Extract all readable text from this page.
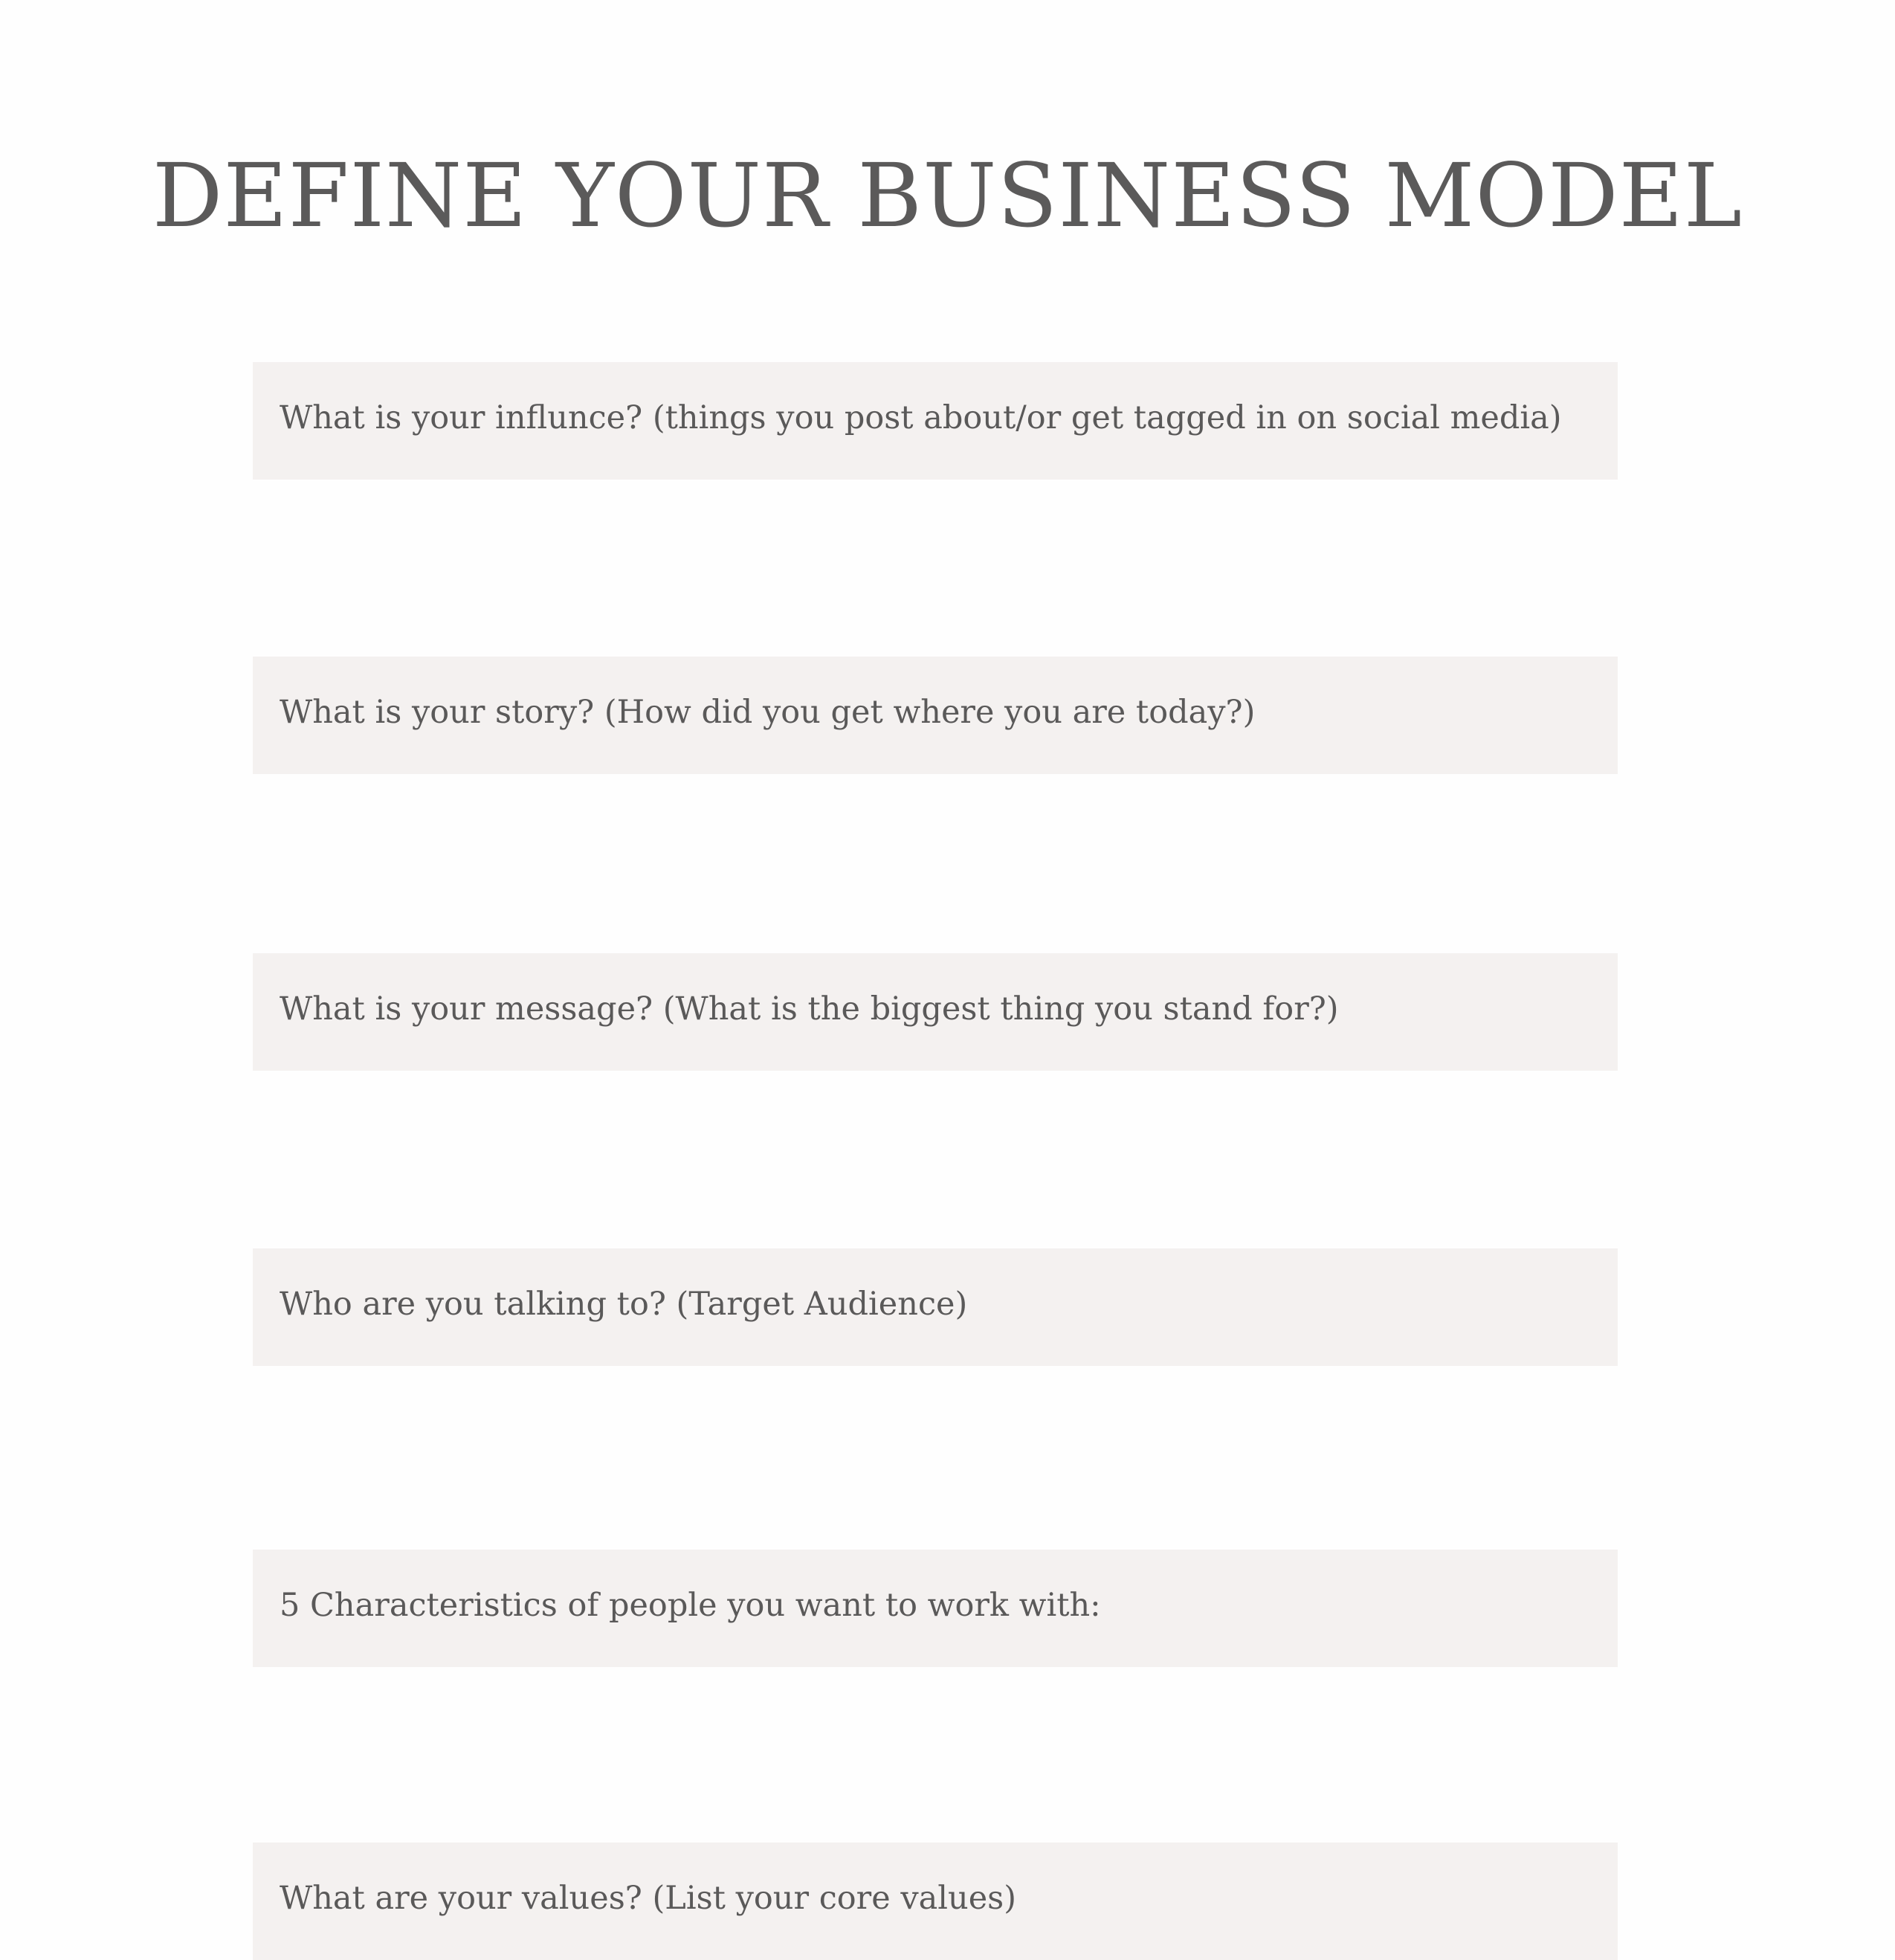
DEFINE YOUR BUSINESS MODEL
What is your influnce? (things you post about/or get tagged in on social media)
What is your story? (How did you get where you are today?)
What is your message? (What is the biggest thing you stand for?)
Who are you talking to? (Target Audience)
5 Characteristics of people you want to work with:
What are your values? (List your core values)
